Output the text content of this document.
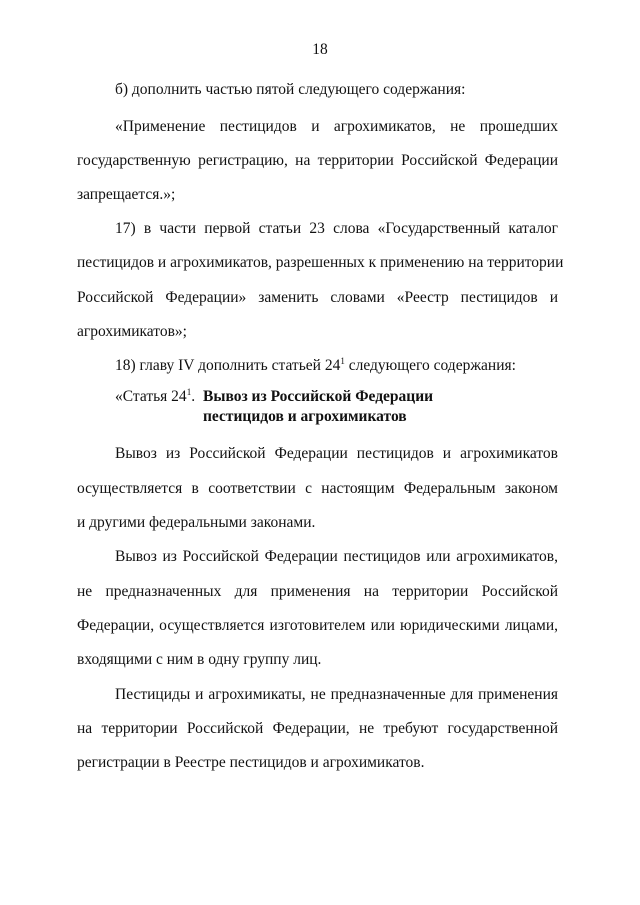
18
б) дополнить частью пятой следующего содержания:
«Применение пестицидов и агрохимикатов, не прошедших
государственную регистрацию, на территории Российской Федерации
запрещается.»;
17) в части первой статьи 23 слова «Государственный каталог
пестицидов и агрохимикатов, разрешенных к применению на территории
Российской Федерации» заменить словами «Реестр пестицидов и
агрохимикатов»;
18) главу IV дополнить статьей $24^1$ следующего содержания:
«Статья $24^1$. Вывоз из Российской Федерации
пестицидов и агрохимикатов
Вывоз из Российской Федерации пестицидов и агрохимикатов
осуществляется в соответствии с настоящим Федеральным законом
и другими федеральными законами.
Вывоз из Российской Федерации пестицидов или агрохимикатов,
не предназначенных для применения на территории Российской
Федерации, осуществляется изготовителем или юридическими лицами,
входящими с ним в одну группу лиц.
Пестициды и агрохимикаты, не предназначенные для применения
на территории Российской Федерации, не требуют государственной
регистрации в Реестре пестицидов и агрохимикатов.
